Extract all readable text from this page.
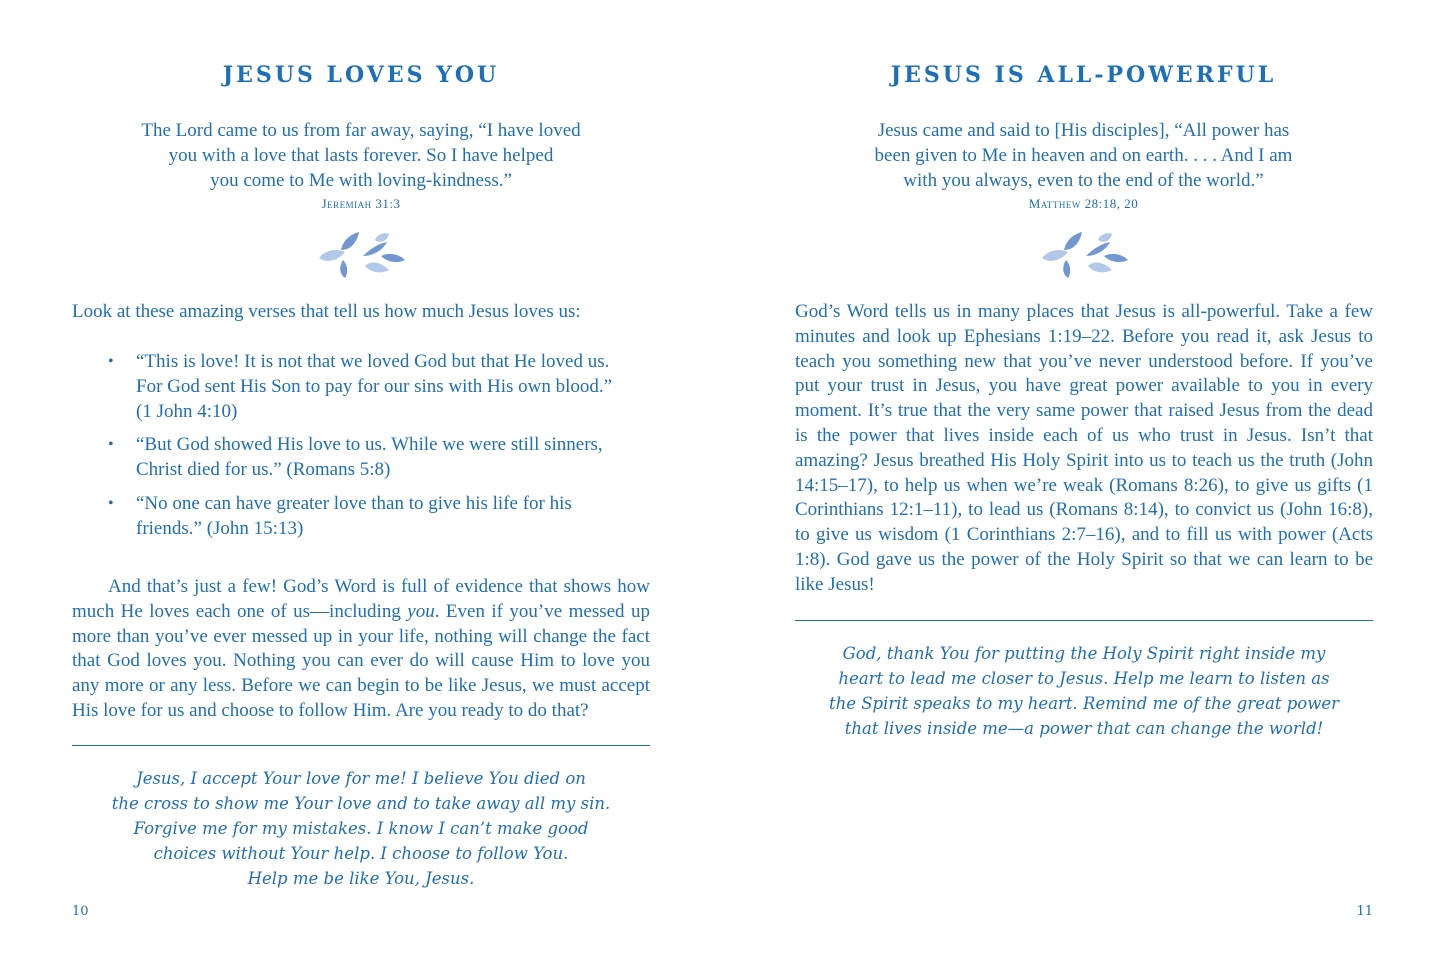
JESUS LOVES YOU

The Lord came to us from far away, saying, “I have loved
you with a love that lasts forever. So I have helped
you come to Me with loving-kindness.”
Jeremiah 31:3

Look at these amazing verses that tell us how much Jesus loves us:

• “This is love! It is not that we loved God but that He loved us. For God sent His Son to pay for our sins with His own blood.” (1 John 4:10)
• “But God showed His love to us. While we were still sinners, Christ died for us.” (Romans 5:8)
• “No one can have greater love than to give his life for his friends.” (John 15:13)

And that’s just a few! God’s Word is full of evidence that shows how much He loves each one of us—including you. Even if you’ve messed up more than you’ve ever messed up in your life, nothing will change the fact that God loves you. Nothing you can ever do will cause Him to love you any more or any less. Before we can begin to be like Jesus, we must accept His love for us and choose to follow Him. Are you ready to do that?

Jesus, I accept Your love for me! I believe You died on
the cross to show me Your love and to take away all my sin.
Forgive me for my mistakes. I know I can’t make good
choices without Your help. I choose to follow You.
Help me be like You, Jesus.

10
JESUS IS ALL-POWERFUL

Jesus came and said to [His disciples], “All power has
been given to Me in heaven and on earth. . . . And I am
with you always, even to the end of the world.”
Matthew 28:18, 20

God’s Word tells us in many places that Jesus is all-powerful. Take a few minutes and look up Ephesians 1:19–22. Before you read it, ask Jesus to teach you something new that you’ve never understood before. If you’ve put your trust in Jesus, you have great power available to you in every moment. It’s true that the very same power that raised Jesus from the dead is the power that lives inside each of us who trust in Jesus. Isn’t that amazing? Jesus breathed His Holy Spirit into us to teach us the truth (John 14:15–17), to help us when we’re weak (Romans 8:26), to give us gifts (1 Corinthians 12:1–11), to lead us (Romans 8:14), to convict us (John 16:8), to give us wisdom (1 Corinthians 2:7–16), and to fill us with power (Acts 1:8). God gave us the power of the Holy Spirit so that we can learn to be like Jesus!

God, thank You for putting the Holy Spirit right inside my
heart to lead me closer to Jesus. Help me learn to listen as
the Spirit speaks to my heart. Remind me of the great power
that lives inside me—a power that can change the world!

11
